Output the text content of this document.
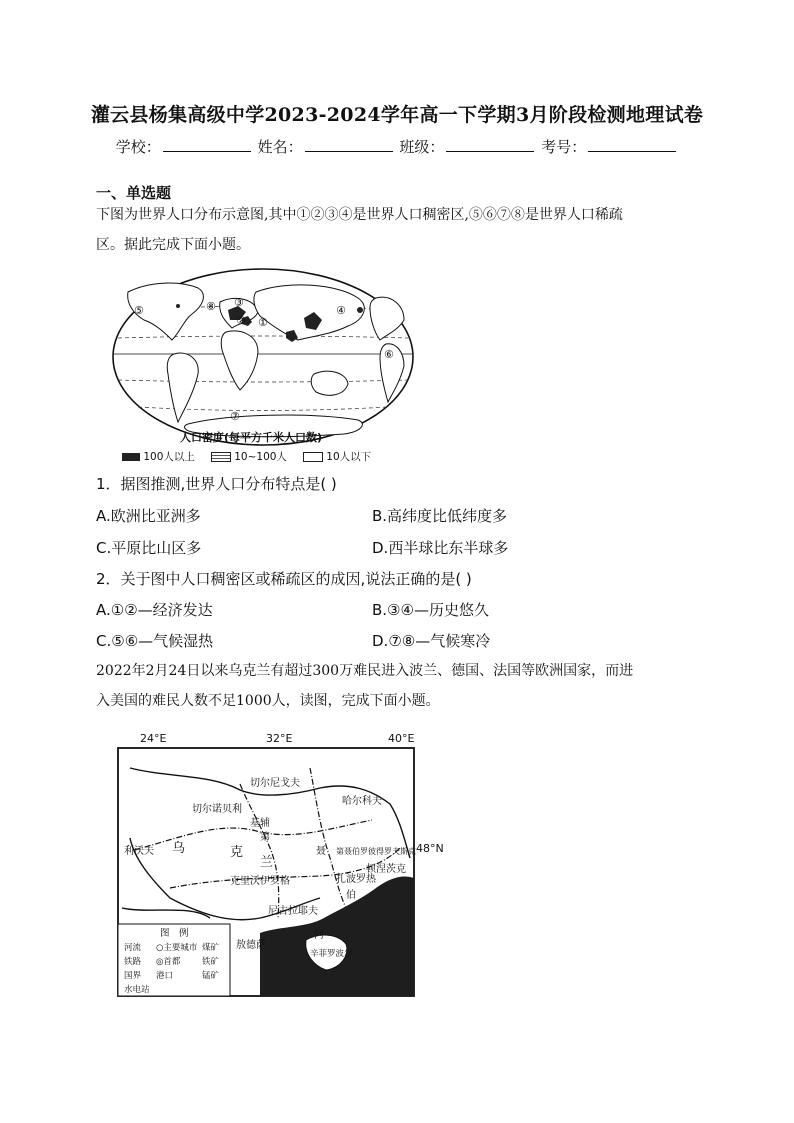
灌云县杨集高级中学2023-2024学年高一下学期3月阶段检测地理试卷
学校：	姓名：	班级：	考号：
一、单选题
下图为世界人口分布示意图,其中①②③④是世界人口稠密区,⑤⑥⑦⑧是世界人口稀疏
区。据此完成下面小题。
②
⑧ ③
①
④
⑤
⑥
⑦
人口密度(每平方千米人口数)
100人以上	10~100人	10人以下
1．据图推测,世界人口分布特点是( )
A.欧洲比亚洲多	B.高纬度比低纬度多
C.平原比山区多	D.西半球比东半球多
2．关于图中人口稠密区或稀疏区的成因,说法正确的是( )
A.①②—经济发达	B.③④—历史悠久
C.⑤⑥—气候湿热	D.⑦⑧—气候寒冷
2022年2月24日以来乌克兰有超过300万难民进入波兰、德国、法国等欧洲国家，而进
入美国的难民人数不足1000人，读图，完成下面小题。
24°E	32°E	40°E
48°N
乌	克
兰
切尔尼戈夫
切尔诺贝利
哈尔科夫
基辅
第
聂
利沃夫	第聂伯罗彼得罗夫斯克
克里沃伊罗格	扎波罗热
顿涅茨克
尼古拉耶夫
敖德萨
河
伯
辛菲罗波尔
图　例
河流 ○主要城市 煤矿
铁路 ◎首都	铁矿
国界 港口	锰矿
水电站
